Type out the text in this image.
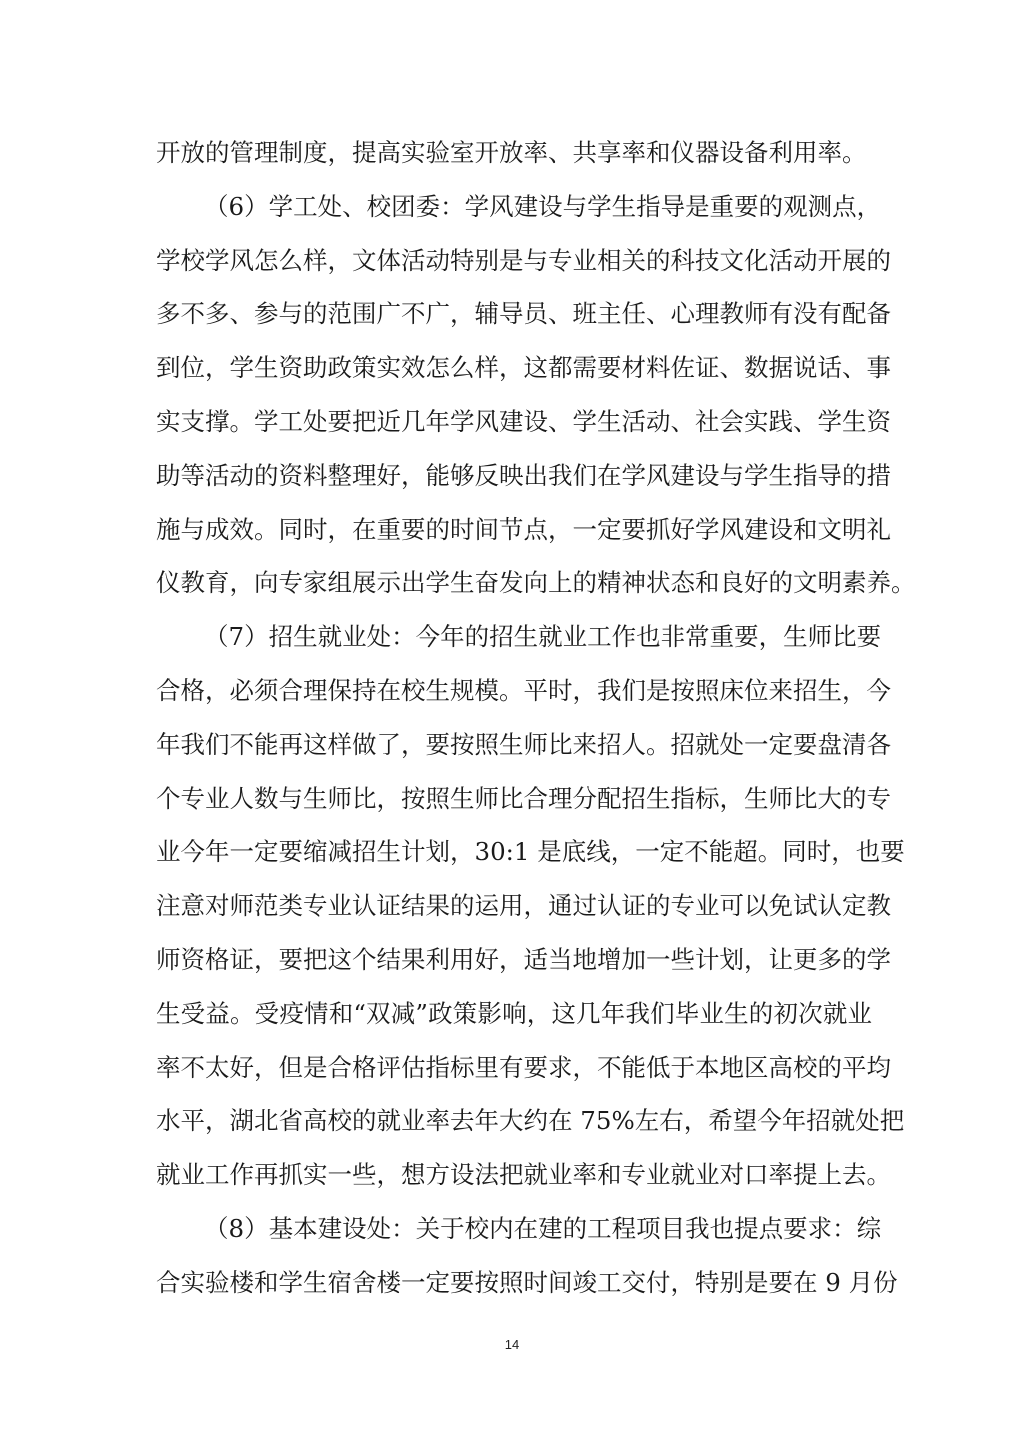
开放的管理制度，提高实验室开放率、共享率和仪器设备利用率。
（6）学工处、校团委：学风建设与学生指导是重要的观测点，
学校学风怎么样，文体活动特别是与专业相关的科技文化活动开展的
多不多、参与的范围广不广，辅导员、班主任、心理教师有没有配备
到位，学生资助政策实效怎么样，这都需要材料佐证、数据说话、事
实支撑。学工处要把近几年学风建设、学生活动、社会实践、学生资
助等活动的资料整理好，能够反映出我们在学风建设与学生指导的措
施与成效。同时，在重要的时间节点，一定要抓好学风建设和文明礼
仪教育，向专家组展示出学生奋发向上的精神状态和良好的文明素养。
（7）招生就业处：今年的招生就业工作也非常重要，生师比要
合格，必须合理保持在校生规模。平时，我们是按照床位来招生，今
年我们不能再这样做了，要按照生师比来招人。招就处一定要盘清各
个专业人数与生师比，按照生师比合理分配招生指标，生师比大的专
业今年一定要缩减招生计划，30:1 是底线，一定不能超。同时，也要
注意对师范类专业认证结果的运用，通过认证的专业可以免试认定教
师资格证，要把这个结果利用好，适当地增加一些计划，让更多的学
生受益。受疫情和“双减”政策影响，这几年我们毕业生的初次就业
率不太好，但是合格评估指标里有要求，不能低于本地区高校的平均
水平，湖北省高校的就业率去年大约在 75%左右，希望今年招就处把
就业工作再抓实一些，想方设法把就业率和专业就业对口率提上去。
（8）基本建设处：关于校内在建的工程项目我也提点要求：综
合实验楼和学生宿舍楼一定要按照时间竣工交付，特别是要在 9 月份
14
